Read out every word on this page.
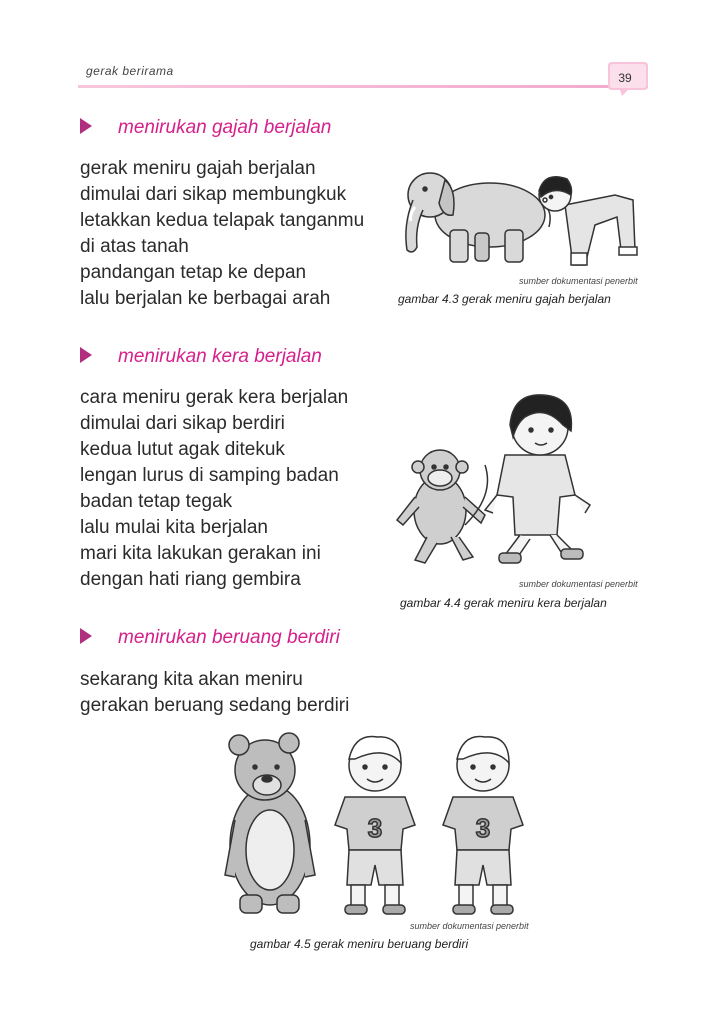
gerak berirama	39
menirukan gajah berjalan
gerak meniru gajah berjalan
dimulai dari sikap membungkuk
letakkan kedua telapak tanganmu
di atas tanah
pandangan tetap ke depan
lalu berjalan ke berbagai arah
sumber dokumentasi penerbit
gambar 4.3 gerak meniru gajah berjalan
menirukan kera berjalan
cara meniru gerak kera berjalan
dimulai dari sikap berdiri
kedua lutut agak ditekuk
lengan lurus di samping badan
badan tetap tegak
lalu mulai kita berjalan
mari kita lakukan gerakan ini
dengan hati riang gembira	sumber dokumentasi penerbit
gambar 4.4 gerak meniru kera berjalan
menirukan beruang berdiri
sekarang kita akan meniru
gerakan beruang sedang berdiri
3	3
sumber dokumentasi penerbit
gambar 4.5 gerak meniru beruang berdiri
